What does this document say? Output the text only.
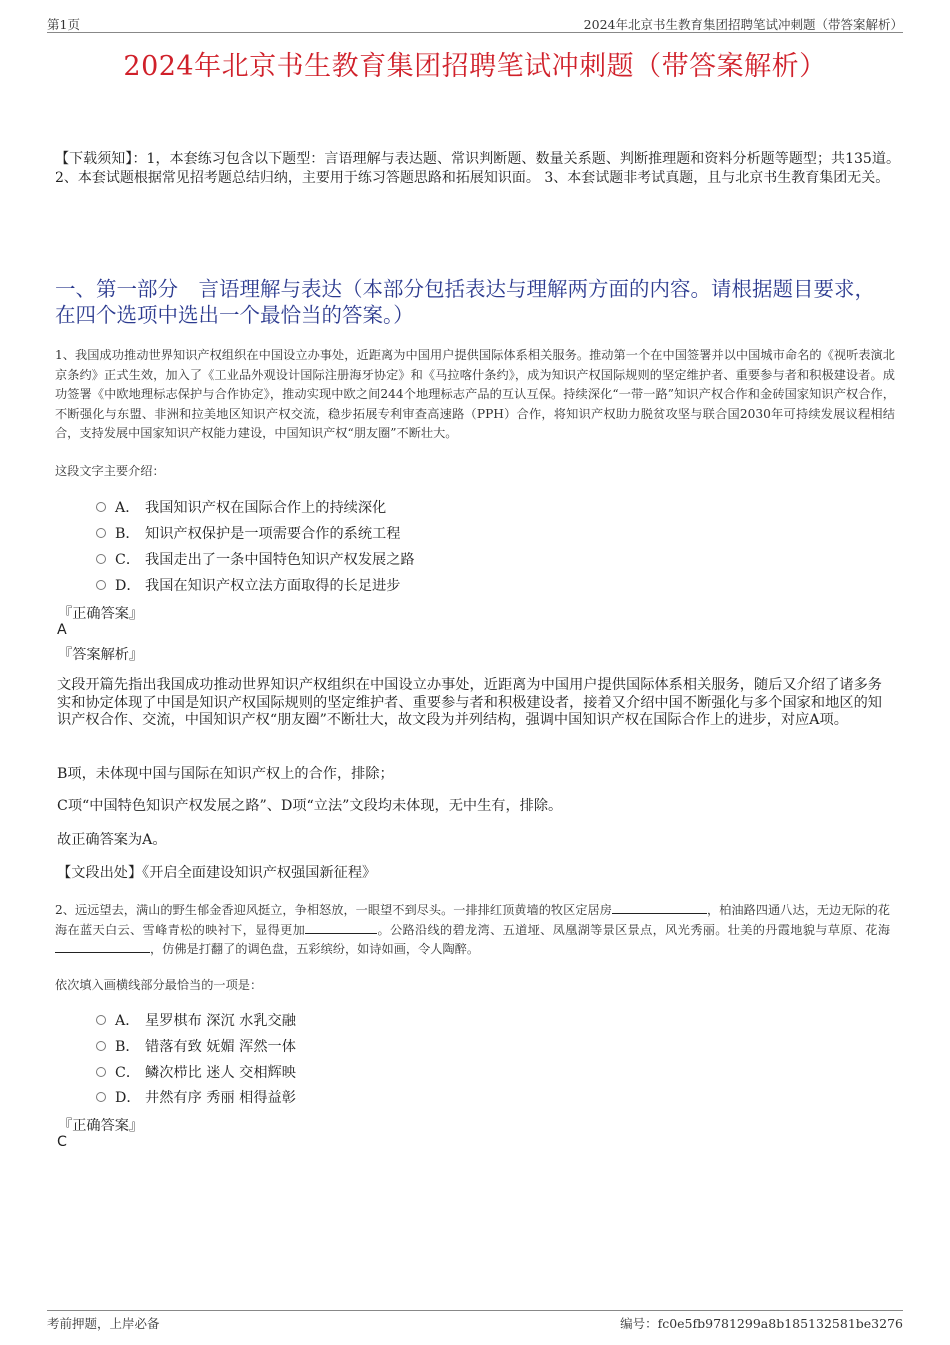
第1页	2024年北京书生教育集团招聘笔试冲刺题（带答案解析）
2024年北京书生教育集团招聘笔试冲刺题（带答案解析）
【下载须知】：1，本套练习包含以下题型：言语理解与表达题、常识判断题、数量关系题、判断推理题和资料分析题等题型；共135道。 2、本套试题根据常见招考题总结归纳，主要用于练习答题思路和拓展知识面。 3、本套试题非考试真题，且与北京书生教育集团无关。
一、第一部分　言语理解与表达（本部分包括表达与理解两方面的内容。请根据题目要求，在四个选项中选出一个最恰当的答案。）
1、我国成功推动世界知识产权组织在中国设立办事处，近距离为中国用户提供国际体系相关服务。推动第一个在中国签署并以中国城市命名的《视听表演北京条约》正式生效，加入了《工业品外观设计国际注册海牙协定》和《马拉喀什条约》，成为知识产权国际规则的坚定维护者、重要参与者和积极建设者。成功签署《中欧地理标志保护与合作协定》，推动实现中欧之间244个地理标志产品的互认互保。持续深化“一带一路”知识产权合作和金砖国家知识产权合作，不断强化与东盟、非洲和拉美地区知识产权交流，稳步拓展专利审查高速路（PPH）合作，将知识产权助力脱贫攻坚与联合国2030年可持续发展议程相结合，支持发展中国家知识产权能力建设，中国知识产权“朋友圈”不断壮大。
这段文字主要介绍：
A． 我国知识产权在国际合作上的持续深化
B． 知识产权保护是一项需要合作的系统工程
C． 我国走出了一条中国特色知识产权发展之路
D． 我国在知识产权立法方面取得的长足进步
『正确答案』
A
『答案解析』
文段开篇先指出我国成功推动世界知识产权组织在中国设立办事处，近距离为中国用户提供国际体系相关服务，随后又介绍了诸多务实和协定体现了中国是知识产权国际规则的坚定维护者、重要参与者和积极建设者，接着又介绍中国不断强化与多个国家和地区的知识产权合作、交流，中国知识产权“朋友圈”不断壮大，故文段为并列结构，强调中国知识产权在国际合作上的进步，对应A项。
B项，未体现中国与国际在知识产权上的合作，排除；
C项“中国特色知识产权发展之路”、D项“立法”文段均未体现，无中生有，排除。
故正确答案为A。
【文段出处】《开启全面建设知识产权强国新征程》
2、远远望去，满山的野生郁金香迎风挺立，争相怒放，一眼望不到尽头。一排排红顶黄墙的牧区定居房	，柏油路四通八达，无边无际的花海在蓝天白云、雪峰青松的映衬下，显得更加	。公路沿线的碧龙湾、五道垭、凤凰湖等景区景点，风光秀丽。壮美的丹霞地貌与草原、花海，仿佛是打翻了的调色盘，五彩缤纷，如诗如画，令人陶醉。
依次填入画横线部分最恰当的一项是：
A． 星罗棋布 深沉 水乳交融
B． 错落有致 妩媚 浑然一体
C． 鳞次栉比 迷人 交相辉映
D． 井然有序 秀丽 相得益彰
『正确答案』
C
考前押题，上岸必备	编号：fc0e5fb9781299a8b185132581be3276
